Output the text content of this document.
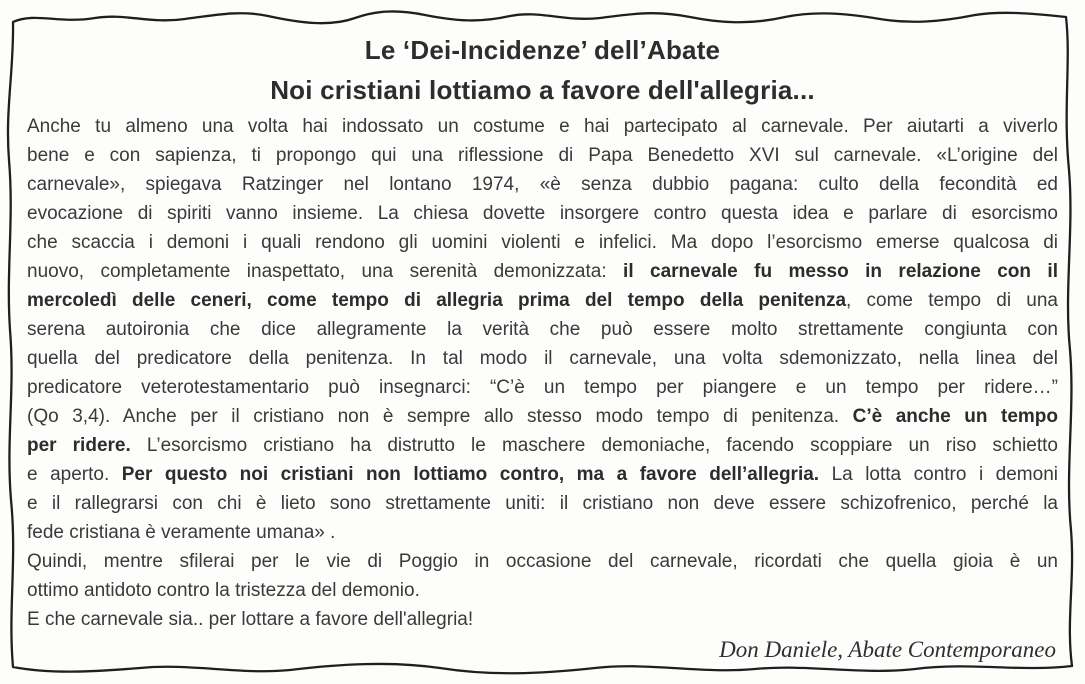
Le ‘Dei-Incidenze’ dell’Abate
Noi cristiani lottiamo a favore dell'allegria...
Anche tu almeno una volta hai indossato un costume e hai partecipato al carnevale. Per aiutarti a viverlo
bene e con sapienza, ti propongo qui una riflessione di Papa Benedetto XVI sul carnevale. «L’origine del
carnevale», spiegava Ratzinger nel lontano 1974, «è senza dubbio pagana: culto della fecondità ed
evocazione di spiriti vanno insieme. La chiesa dovette insorgere contro questa idea e parlare di esorcismo
che scaccia i demoni i quali rendono gli uomini violenti e infelici. Ma dopo l’esorcismo emerse qualcosa di
nuovo, completamente inaspettato, una serenità demonizzata: il carnevale fu messo in relazione con il
mercoledì delle ceneri, come tempo di allegria prima del tempo della penitenza, come tempo di una
serena autoironia che dice allegramente la verità che può essere molto strettamente congiunta con
quella del predicatore della penitenza. In tal modo il carnevale, una volta sdemonizzato, nella linea del
predicatore veterotestamentario può insegnarci: “C’è un tempo per piangere e un tempo per ridere…”
(Qo 3,4). Anche per il cristiano non è sempre allo stesso modo tempo di penitenza. C’è anche un tempo
per ridere. L’esorcismo cristiano ha distrutto le maschere demoniache, facendo scoppiare un riso schietto
e aperto. Per questo noi cristiani non lottiamo contro, ma a favore dell’allegria. La lotta contro i demoni
e il rallegrarsi con chi è lieto sono strettamente uniti: il cristiano non deve essere schizofrenico, perché la
fede cristiana è veramente umana» .
Quindi, mentre sfilerai per le vie di Poggio in occasione del carnevale, ricordati che quella gioia è un
ottimo antidoto contro la tristezza del demonio.
E che carnevale sia.. per lottare a favore dell'allegria!
Don Daniele, Abate Contemporaneo
